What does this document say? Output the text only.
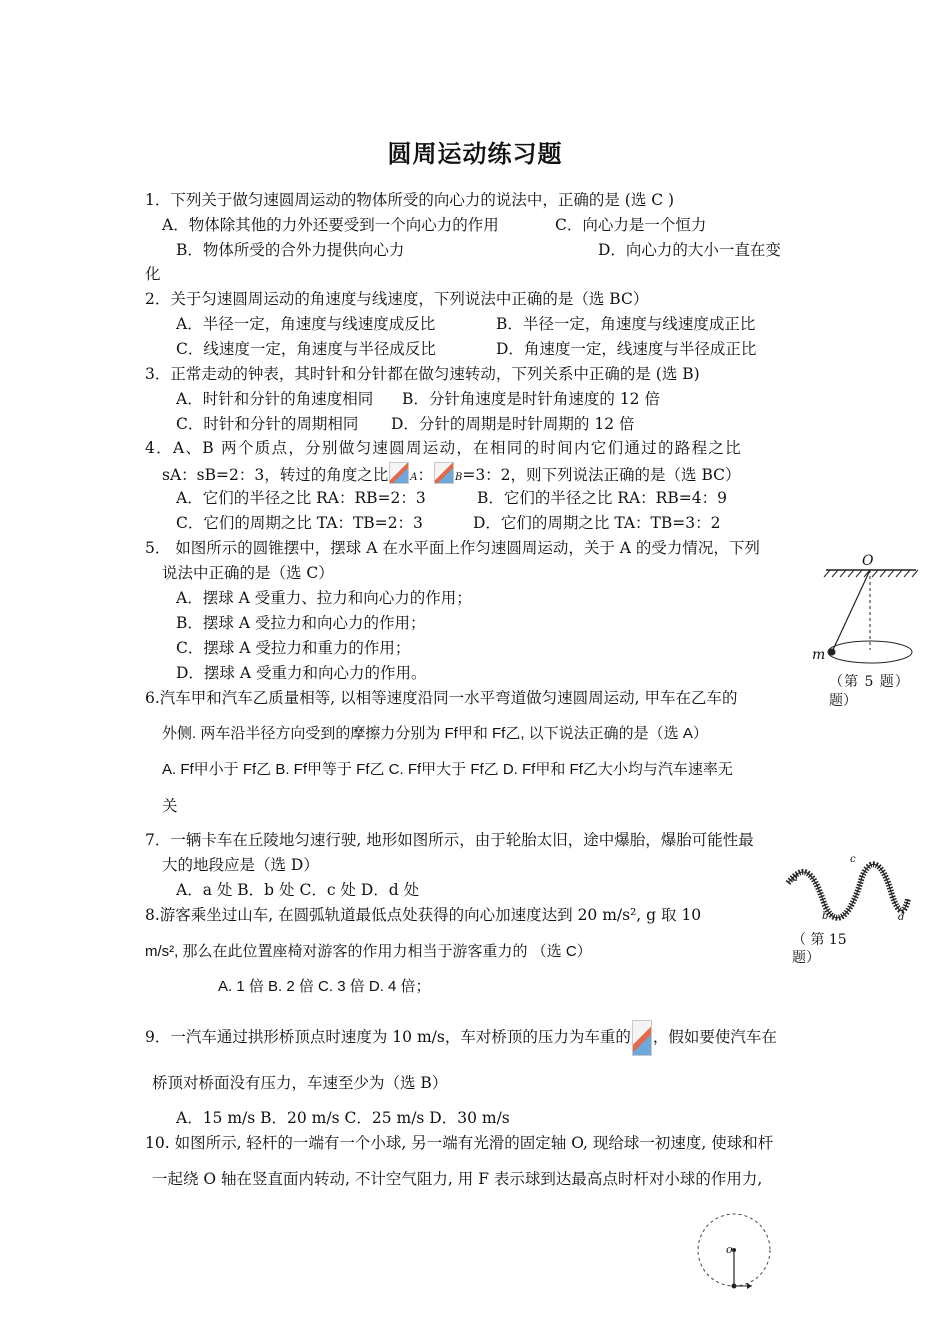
圆周运动练习题
1．下列关于做匀速圆周运动的物体所受的向心力的说法中，正确的是 (选 C )
A．物体除其他的力外还要受到一个向心力的作用	C．向心力是一个恒力
B．物体所受的合外力提供向心力	D．向心力的大小一直在变
化
2．关于匀速圆周运动的角速度与线速度，下列说法中正确的是（选 BC）
A．半径一定，角速度与线速度成反比	B．半径一定，角速度与线速度成正比
C．线速度一定，角速度与半径成反比	D．角速度一定，线速度与半径成正比
3．正常走动的钟表，其时针和分针都在做匀速转动，下列关系中正确的是 (选 B)
A．时针和分针的角速度相同 B．分针角速度是时针角速度的 12 倍
C．时针和分针的周期相同 D．分针的周期是时针周期的 12 倍
4．A、B 两个质点，分别做匀速圆周运动，在相同的时间内它们通过的路程之比
sA：sB=2：3，转过的角度之比 A： B=3：2，则下列说法正确的是（选 BC）
A．它们的半径之比 RA：RB=2：3	B．它们的半径之比 RA：RB=4：9
C．它们的周期之比 TA：TB=2：3	D．它们的周期之比 TA：TB=3：2
5． 如图所示的圆锥摆中，摆球 A 在水平面上作匀速圆周运动，关于 A 的受力情况，下列
说法中正确的是（选 C）
A．摆球 A 受重力、拉力和向心力的作用；
B．摆球 A 受拉力和向心力的作用；
C．摆球 A 受拉力和重力的作用；
D．摆球 A 受重力和向心力的作用。
O
m
（第 5 题）
题）
6.汽车甲和汽车乙质量相等, 以相等速度沿同一水平弯道做匀速圆周运动, 甲车在乙车的
外侧. 两车沿半径方向受到的摩擦力分别为 Ff甲和 Ff乙, 以下说法正确的是（选 A）
A. Ff甲小于 Ff乙 B. Ff甲等于 Ff乙 C. Ff甲大于 Ff乙 D. Ff甲和 Ff乙大小均与汽车速率无
关
7．一辆卡车在丘陵地匀速行驶, 地形如图所示，由于轮胎太旧，途中爆胎，爆胎可能性最
大的地段应是（选 D）
A．a 处 B．b 处 C．c 处 D．d 处
a
b
c
d
（ 第 15
题）
8.游客乘坐过山车, 在圆弧轨道最低点处获得的向心加速度达到 20 m/s², g 取 10
m/s², 那么在此位置座椅对游客的作用力相当于游客重力的 （选 C）
A. 1 倍 B. 2 倍 C. 3 倍 D. 4 倍；
9．一汽车通过拱形桥顶点时速度为 10 m/s，车对桥顶的压力为车重的 ，假如要使汽车在
桥顶对桥面没有压力，车速至少为（选 B）
A．15 m/s B．20 m/s C．25 m/s D．30 m/s
10. 如图所示, 轻杆的一端有一个小球, 另一端有光滑的固定轴 O, 现给球一初速度, 使球和杆
一起绕 O 轴在竖直面内转动, 不计空气阻力, 用 F 表示球到达最高点时杆对小球的作用力,
o
